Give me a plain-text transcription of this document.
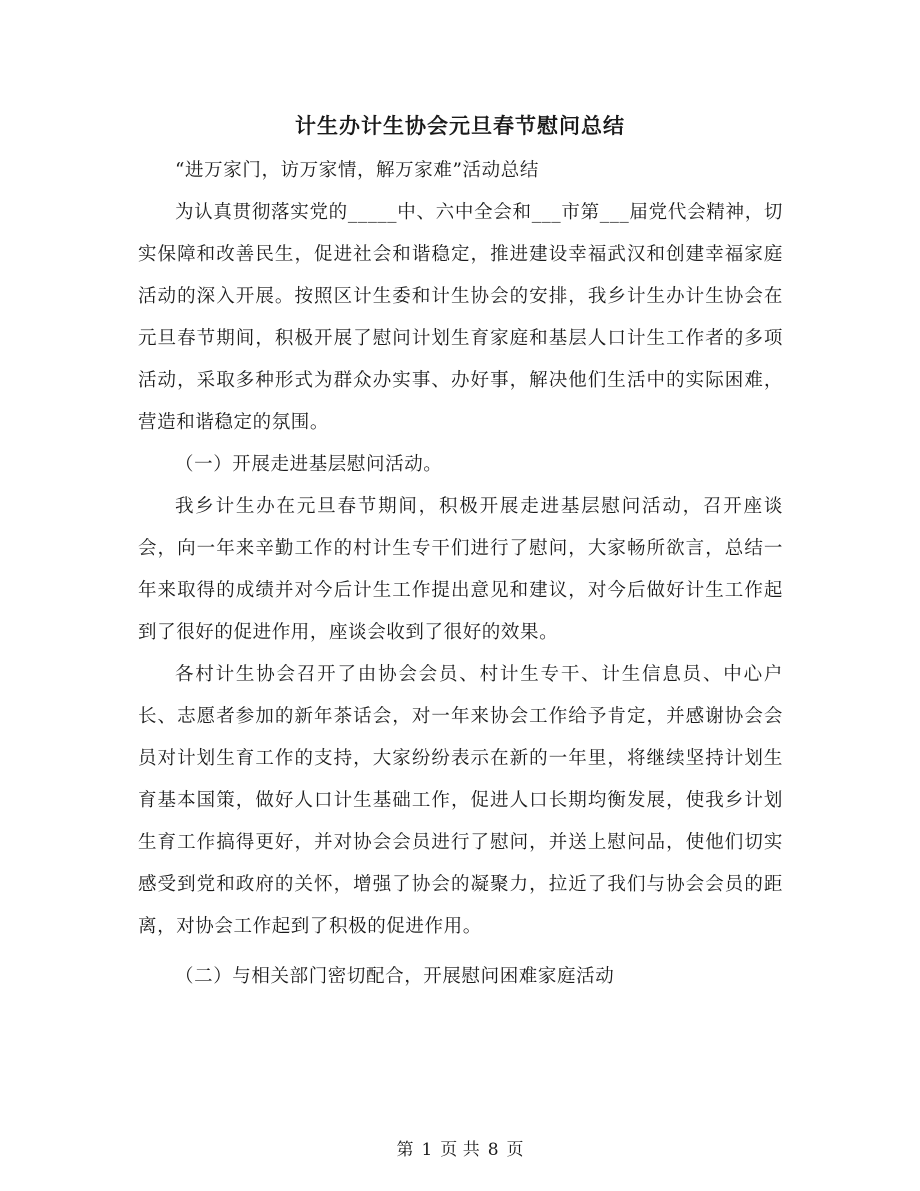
计生办计生协会元旦春节慰问总结

“进万家门，访万家情，解万家难”活动总结

为认真贯彻落实党的_____中、六中全会和___市第___届党代会精神，切实保障和改善民生，促进社会和谐稳定，推进建设幸福武汉和创建幸福家庭活动的深入开展。按照区计生委和计生协会的安排，我乡计生办计生协会在元旦春节期间，积极开展了慰问计划生育家庭和基层人口计生工作者的多项活动，采取多种形式为群众办实事、办好事，解决他们生活中的实际困难，营造和谐稳定的氛围。

（一）开展走进基层慰问活动。

我乡计生办在元旦春节期间，积极开展走进基层慰问活动，召开座谈会，向一年来辛勤工作的村计生专干们进行了慰问，大家畅所欲言，总结一年来取得的成绩并对今后计生工作提出意见和建议，对今后做好计生工作起到了很好的促进作用，座谈会收到了很好的效果。

各村计生协会召开了由协会会员、村计生专干、计生信息员、中心户长、志愿者参加的新年茶话会，对一年来协会工作给予肯定，并感谢协会会员对计划生育工作的支持，大家纷纷表示在新的一年里，将继续坚持计划生育基本国策，做好人口计生基础工作，促进人口长期均衡发展，使我乡计划生育工作搞得更好，并对协会会员进行了慰问，并送上慰问品，使他们切实感受到党和政府的关怀，增强了协会的凝聚力，拉近了我们与协会会员的距离，对协会工作起到了积极的促进作用。

（二）与相关部门密切配合，开展慰问困难家庭活动

第 1 页 共 8 页
